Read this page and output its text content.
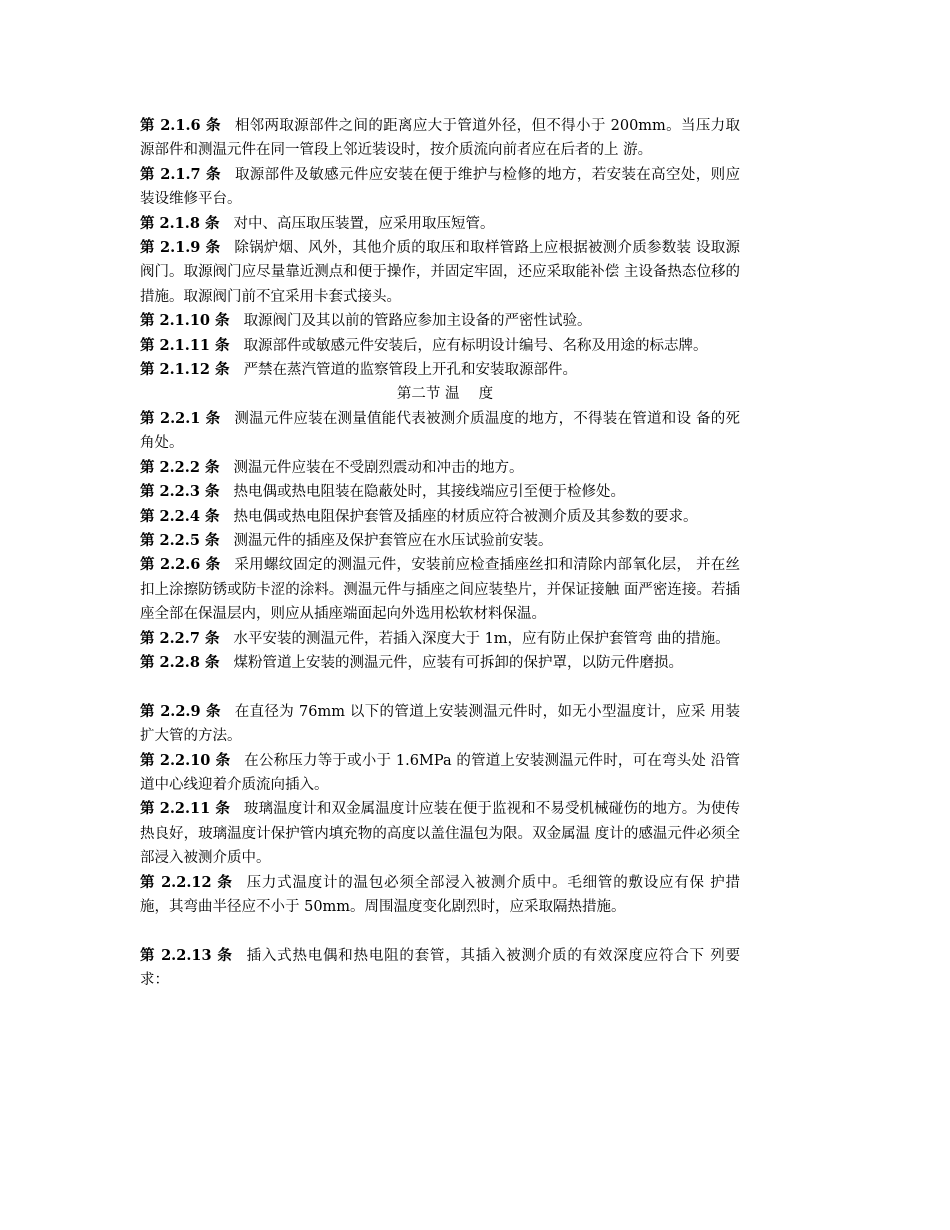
第 2.1.6 条 相邻两取源部件之间的距离应大于管道外径，但不得小于 200mm。当压力取源部件和测温元件在同一管段上邻近装设时，按介质流向前者应在后者的上 游。

第 2.1.7 条 取源部件及敏感元件应安装在便于维护与检修的地方，若安装在高空处，则应装设维修平台。

第 2.1.8 条 对中、高压取压装置，应采用取压短管。

第 2.1.9 条 除锅炉烟、风外，其他介质的取压和取样管路上应根据被测介质参数装 设取源阀门。取源阀门应尽量靠近测点和便于操作，并固定牢固，还应采取能补偿 主设备热态位移的措施。取源阀门前不宜采用卡套式接头。

第 2.1.10 条 取源阀门及其以前的管路应参加主设备的严密性试验。

第 2.1.11 条 取源部件或敏感元件安装后，应有标明设计编号、名称及用途的标志牌。

第 2.1.12 条 严禁在蒸汽管道的监察管段上开孔和安装取源部件。

第二节 温　 度

第 2.2.1 条 测温元件应装在测量值能代表被测介质温度的地方，不得装在管道和设 备的死角处。

第 2.2.2 条 测温元件应装在不受剧烈震动和冲击的地方。

第 2.2.3 条 热电偶或热电阻装在隐蔽处时，其接线端应引至便于检修处。

第 2.2.4 条 热电偶或热电阻保护套管及插座的材质应符合被测介质及其参数的要求。

第 2.2.5 条 测温元件的插座及保护套管应在水压试验前安装。

第 2.2.6 条 采用螺纹固定的测温元件，安装前应检查插座丝扣和清除内部氧化层， 并在丝扣上涂擦防锈或防卡涩的涂料。测温元件与插座之间应装垫片，并保证接触 面严密连接。若插座全部在保温层内，则应从插座端面起向外选用松软材料保温。

第 2.2.7 条 水平安装的测温元件，若插入深度大于 1m，应有防止保护套管弯 曲的措施。

第 2.2.8 条 煤粉管道上安装的测温元件，应装有可拆卸的保护罩，以防元件磨损。

第 2.2.9 条 在直径为 76mm 以下的管道上安装测温元件时，如无小型温度计，应采 用装扩大管的方法。

第 2.2.10 条 在公称压力等于或小于 1.6MPa 的管道上安装测温元件时，可在弯头处 沿管道中心线迎着介质流向插入。

第 2.2.11 条 玻璃温度计和双金属温度计应装在便于监视和不易受机械碰伤的地方。为使传热良好，玻璃温度计保护管内填充物的高度以盖住温包为限。双金属温 度计的感温元件必须全部浸入被测介质中。

第 2.2.12 条 压力式温度计的温包必须全部浸入被测介质中。毛细管的敷设应有保 护措施，其弯曲半径应不小于 50mm。周围温度变化剧烈时，应采取隔热措施。

第 2.2.13 条 插入式热电偶和热电阻的套管，其插入被测介质的有效深度应符合下 列要求：
